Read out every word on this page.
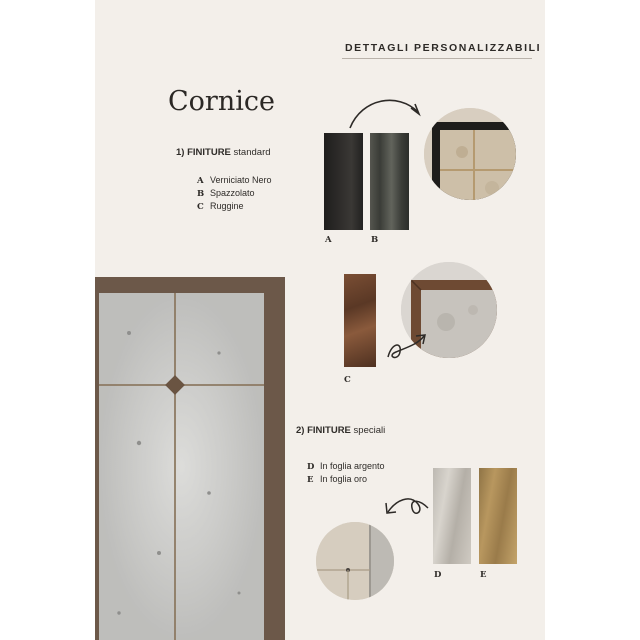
DETTAGLI PERSONALIZZABILI
Cornice
1) FINITURE standard
A Verniciato Nero
B Spazzolato
C Ruggine
A	B
C
2) FINITURE speciali
D In foglia argento
E In foglia oro
D	E
